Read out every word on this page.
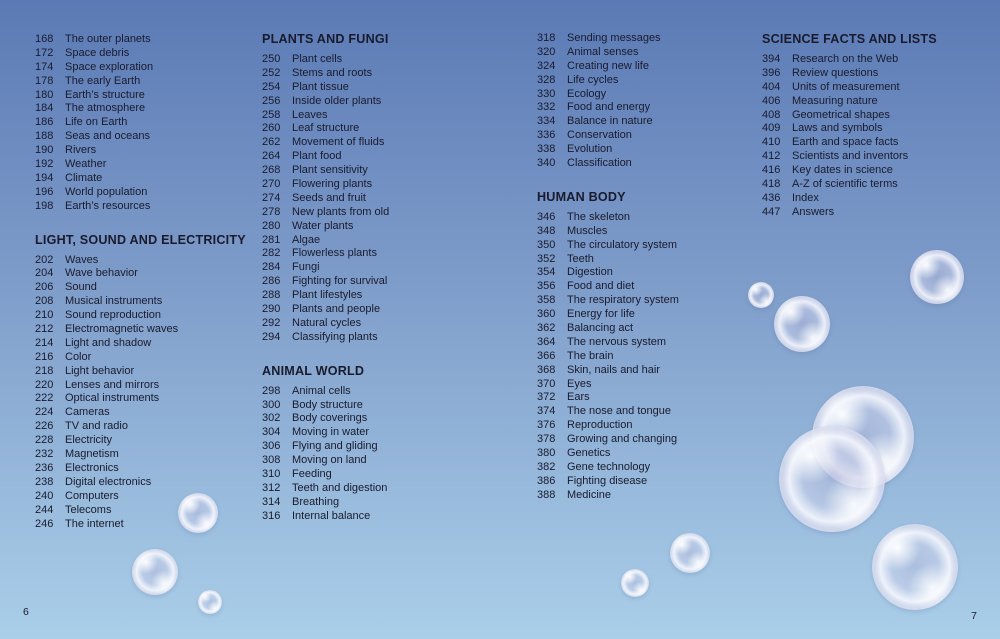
168 The outer planets
172 Space debris
174 Space exploration
178 The early Earth
180 Earth’s structure
184 The atmosphere
186 Life on Earth
188 Seas and oceans
190 Rivers
192 Weather
194 Climate
196 World population
198 Earth’s resources
LIGHT, SOUND AND ELECTRICITY
202 Waves
204 Wave behavior
206 Sound
208 Musical instruments
210 Sound reproduction
212 Electromagnetic waves
214 Light and shadow
216 Color
218 Light behavior
220 Lenses and mirrors
222 Optical instruments
224 Cameras
226 TV and radio
228 Electricity
232 Magnetism
236 Electronics
238 Digital electronics
240 Computers
244 Telecoms
246 The internet
PLANTS AND FUNGI
250 Plant cells
252 Stems and roots
254 Plant tissue
256 Inside older plants
258 Leaves
260 Leaf structure
262 Movement of fluids
264 Plant food
268 Plant sensitivity
270 Flowering plants
274 Seeds and fruit
278 New plants from old
280 Water plants
281 Algae
282 Flowerless plants
284 Fungi
286 Fighting for survival
288 Plant lifestyles
290 Plants and people
292 Natural cycles
294 Classifying plants
ANIMAL WORLD
298 Animal cells
300 Body structure
302 Body coverings
304 Moving in water
306 Flying and gliding
308 Moving on land
310 Feeding
312 Teeth and digestion
314 Breathing
316 Internal balance
318 Sending messages
320 Animal senses
324 Creating new life
328 Life cycles
330 Ecology
332 Food and energy
334 Balance in nature
336 Conservation
338 Evolution
340 Classification
HUMAN BODY
346 The skeleton
348 Muscles
350 The circulatory system
352 Teeth
354 Digestion
356 Food and diet
358 The respiratory system
360 Energy for life
362 Balancing act
364 The nervous system
366 The brain
368 Skin, nails and hair
370 Eyes
372 Ears
374 The nose and tongue
376 Reproduction
378 Growing and changing
380 Genetics
382 Gene technology
386 Fighting disease
388 Medicine
SCIENCE FACTS AND LISTS
394 Research on the Web
396 Review questions
404 Units of measurement
406 Measuring nature
408 Geometrical shapes
409 Laws and symbols
410 Earth and space facts
412 Scientists and inventors
416 Key dates in science
418 A-Z of scientific terms
436 Index
447 Answers
6	7
